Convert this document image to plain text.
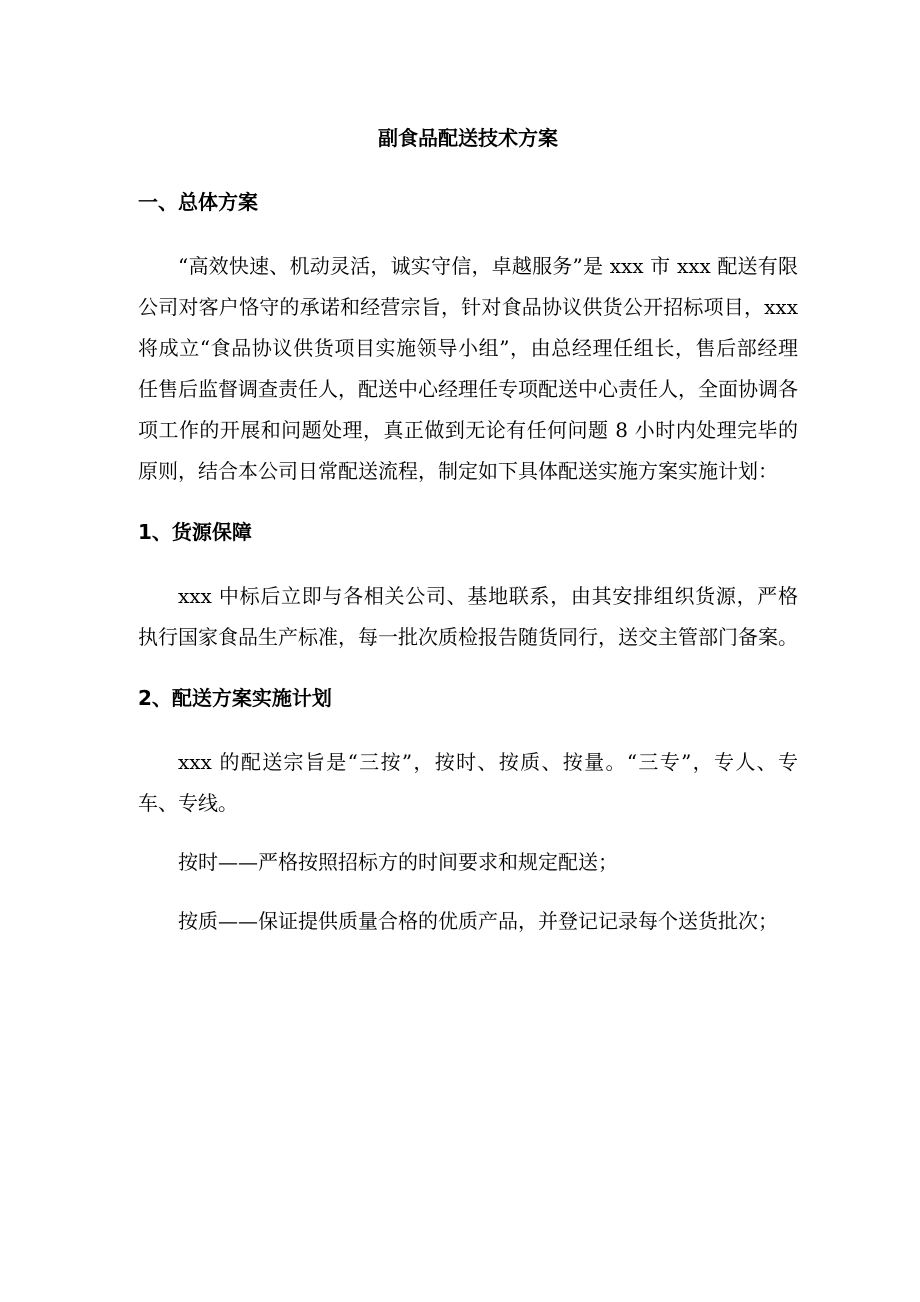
副食品配送技术方案
一、总体方案

“高效快速、机动灵活，诚实守信，卓越服务”是 xxx 市 xxx 配送有限公司对客户恪守的承诺和经营宗旨，针对食品协议供货公开招标项目，xxx 将成立“食品协议供货项目实施领导小组”，由总经理任组长，售后部经理任售后监督调查责任人，配送中心经理任专项配送中心责任人，全面协调各项工作的开展和问题处理，真正做到无论有任何问题 8 小时内处理完毕的原则，结合本公司日常配送流程，制定如下具体配送实施方案实施计划：

1、货源保障

xxx 中标后立即与各相关公司、基地联系，由其安排组织货源，严格执行国家食品生产标准，每一批次质检报告随货同行，送交主管部门备案。

2、配送方案实施计划

xxx 的配送宗旨是“三按”，按时、按质、按量。“三专”，专人、专车、专线。

按时——严格按照招标方的时间要求和规定配送；

按质——保证提供质量合格的优质产品，并登记记录每个送货批次；
